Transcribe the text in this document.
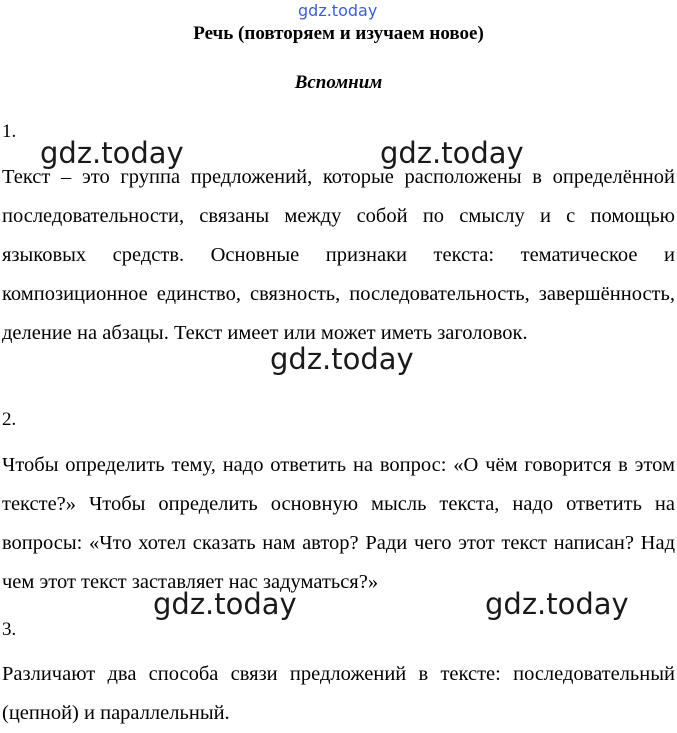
gdz.today
Речь (повторяем и изучаем новое)
Вспомним
1.
Текст – это группа предложений, которые расположены в определённой последовательности, связаны между собой по смыслу и с помощью языковых средств. Основные признаки текста: тематическое и композиционное единство, связность, последовательность, завершённость, деление на абзацы. Текст имеет или может иметь заголовок.
2.
Чтобы определить тему, надо ответить на вопрос: «О чём говорится в этом тексте?» Чтобы определить основную мысль текста, надо ответить на вопросы: «Что хотел сказать нам автор? Ради чего этот текст написан? Над чем этот текст заставляет нас задуматься?»
3.
Различают два способа связи предложений в тексте: последовательный (цепной) и параллельный.
gdz.today	gdz.today
gdz.today
gdz.today	gdz.today
